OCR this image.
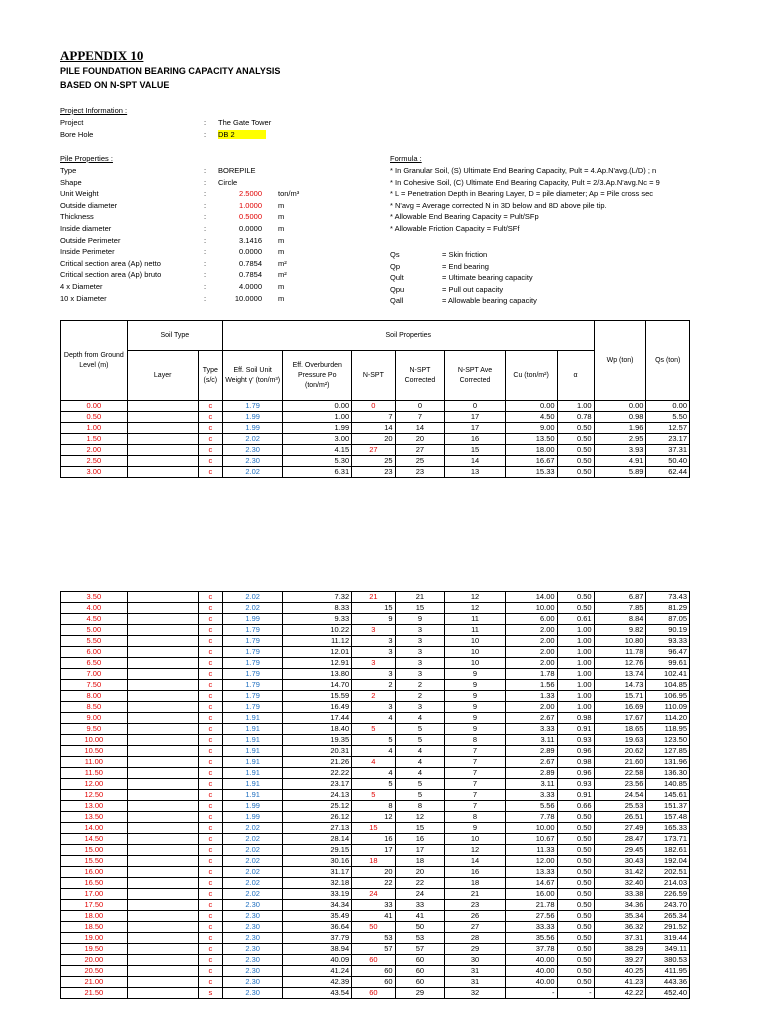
APPENDIX 10
PILE FOUNDATION BEARING CAPACITY ANALYSIS
BASED ON N-SPT VALUE
Project Information :
Project	: The Gate Tower
Bore Hole	: DB 2
Pile Properties :
Type	: BOREPILE
Shape	: Circle
Unit Weight	:	2.5000 ton/m³
Outside diameter	:	1.0000 m
Thickness	:	0.5000 m
Inside diameter	:	0.0000 m
Outside Perimeter	:	3.1416 m
Inside Perimeter	:	0.0000 m
Critical section area (Ap) netto	:	0.7854 m²
Critical section area (Ap) bruto	:	0.7854 m²
4 x Diameter	:	4.0000 m
10 x Diameter	:	10.0000 m
Formula :
* In Granular Soil, (S) Ultimate End Bearing Capacity, Pult = 4.Ap.N'avg.(L/D) ; n
* In Cohesive Soil, (C) Ultimate End Bearing Capacity, Pult = 2/3.Ap.N'avg.Nc = 9
* L = Penetration Depth in Bearing Layer, D = pile diameter; Ap = Pile cross sec
* N'avg = Average corrected N in 3D below and 8D above pile tip.
* Allowable End Bearing Capacity = Pult/SFp
* Allowable Friction Capacity = Fult/SFf
Qs	= Skin friction
Qp	= End bearing
Qult	= Ultimate bearing capacity
Qpu	= Pull out capacity
Qall	= Allowable bearing capacity
Depth from Ground Level (m)	Soil Type		Soil Properties							Wp (ton)	Qs (ton)
	Layer	Type (s/c)	Eff. Soil Unit Weight γ' (ton/m³)	Eff. Overburden Pressure Po (ton/m²)	N-SPT	N-SPT Corrected	N-SPT Ave Corrected	Cu (ton/m²)	α		
0.00		c	1.79	0.00	0	0	0	0.00	1.00	0.00	0.00
0.50		c	1.99	1.00	7	7	17	4.50	0.78	0.98	5.50
1.00		c	1.99	1.99	14	14	17	9.00	0.50	1.96	12.57
1.50		c	2.02	3.00	20	20	16	13.50	0.50	2.95	23.17
2.00		c	2.30	4.15	27	27	15	18.00	0.50	3.93	37.31
2.50		c	2.30	5.30	25	25	14	16.67	0.50	4.91	50.40
3.00		c	2.02	6.31	23	23	13	15.33	0.50	5.89	62.44
3.50		c	2.02	7.32	21	21	12	14.00	0.50	6.87	73.43
4.00		c	2.02	8.33	15	15	12	10.00	0.50	7.85	81.29
4.50		c	1.99	9.33	9	9	11	6.00	0.61	8.84	87.05
5.00		c	1.79	10.22	3	3	11	2.00	1.00	9.82	90.19
5.50		c	1.79	11.12	3	3	10	2.00	1.00	10.80	93.33
6.00		c	1.79	12.01	3	3	10	2.00	1.00	11.78	96.47
6.50		c	1.79	12.91	3	3	10	2.00	1.00	12.76	99.61
7.00		c	1.79	13.80	3	3	9	1.78	1.00	13.74	102.41
7.50		c	1.79	14.70	2	2	9	1.56	1.00	14.73	104.85
8.00		c	1.79	15.59	2	2	9	1.33	1.00	15.71	106.95
8.50		c	1.79	16.49	3	3	9	2.00	1.00	16.69	110.09
9.00		c	1.91	17.44	4	4	9	2.67	0.98	17.67	114.20
9.50		c	1.91	18.40	5	5	9	3.33	0.91	18.65	118.95
10.00		c	1.91	19.35	5	5	8	3.11	0.93	19.63	123.50
10.50		c	1.91	20.31	4	4	7	2.89	0.96	20.62	127.85
11.00		c	1.91	21.26	4	4	7	2.67	0.98	21.60	131.96
11.50		c	1.91	22.22	4	4	7	2.89	0.96	22.58	136.30
12.00		c	1.91	23.17	5	5	7	3.11	0.93	23.56	140.85
12.50		c	1.91	24.13	5	5	7	3.33	0.91	24.54	145.61
13.00		c	1.99	25.12	8	8	7	5.56	0.66	25.53	151.37
13.50		c	1.99	26.12	12	12	8	7.78	0.50	26.51	157.48
14.00		c	2.02	27.13	15	15	9	10.00	0.50	27.49	165.33
14.50		c	2.02	28.14	16	16	10	10.67	0.50	28.47	173.71
15.00		c	2.02	29.15	17	17	12	11.33	0.50	29.45	182.61
15.50		c	2.02	30.16	18	18	14	12.00	0.50	30.43	192.04
16.00		c	2.02	31.17	20	20	16	13.33	0.50	31.42	202.51
16.50		c	2.02	32.18	22	22	18	14.67	0.50	32.40	214.03
17.00		c	2.02	33.19	24	24	21	16.00	0.50	33.38	226.59
17.50		c	2.30	34.34	33	33	23	21.78	0.50	34.36	243.70
18.00		c	2.30	35.49	41	41	26	27.56	0.50	35.34	265.34
18.50		c	2.30	36.64	50	50	27	33.33	0.50	36.32	291.52
19.00		c	2.30	37.79	53	53	28	35.56	0.50	37.31	319.44
19.50		c	2.30	38.94	57	57	29	37.78	0.50	38.29	349.11
20.00		c	2.30	40.09	60	60	30	40.00	0.50	39.27	380.53
20.50		c	2.30	41.24	60	60	31	40.00	0.50	40.25	411.95
21.00		c	2.30	42.39	60	60	31	40.00	0.50	41.23	443.36
21.50		s	2.30	43.54	60	29	32	-	-	42.22	452.40
